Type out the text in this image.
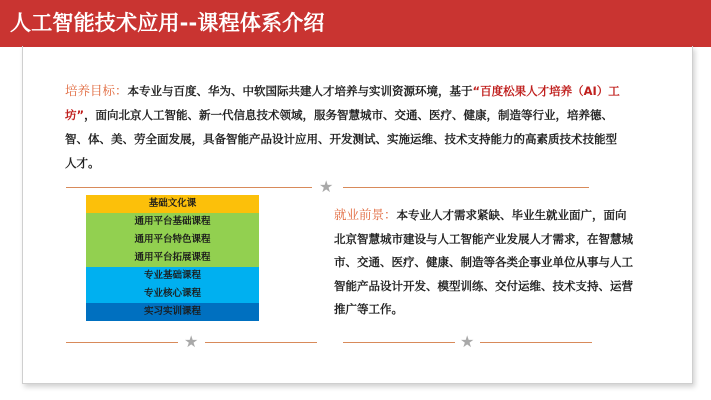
人工智能技术应用--课程体系介绍
培养目标：本专业与百度、华为、中软国际共建人才培养与实训资源环境，基于“百度松果人才培养（AI）工坊”，面向北京人工智能、新一代信息技术领域，服务智慧城市、交通、医疗、健康，制造等行业，培养德、智、体、美、劳全面发展，具备智能产品设计应用、开发测试、实施运维、技术支持能力的高素质技术技能型人才。
★
基础文化课
通用平台基础课程
通用平台特色课程
通用平台拓展课程
专业基础课程
专业核心课程
实习实训课程
就业前景：本专业人才需求紧缺、毕业生就业面广，面向北京智慧城市建设与人工智能产业发展人才需求，在智慧城市、交通、医疗、健康、制造等各类企事业单位从事与人工智能产品设计开发、模型训练、交付运维、技术支持、运营推广等工作。
★	★
